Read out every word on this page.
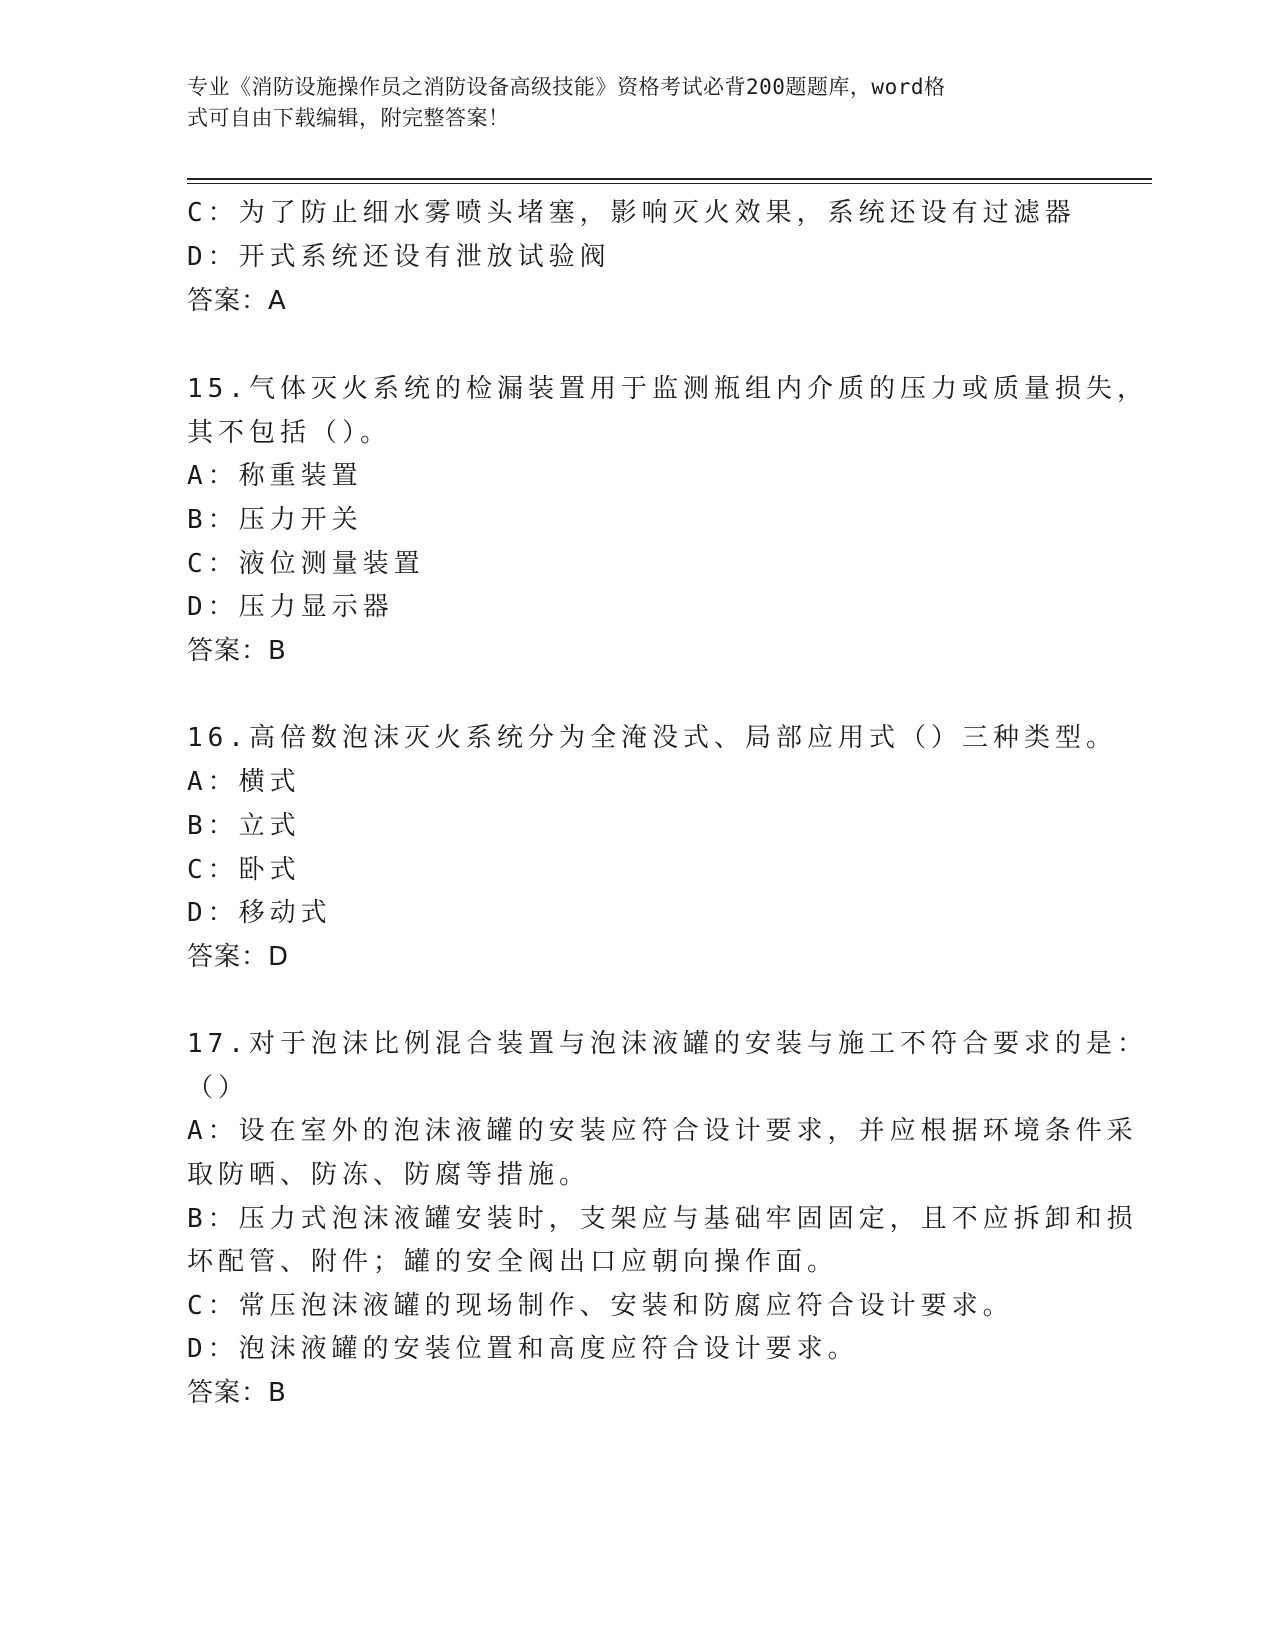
专业《消防设施操作员之消防设备高级技能》资格考试必背200题题库，word格
式可自由下载编辑，附完整答案！
C：为了防止细水雾喷头堵塞，影响灭火效果，系统还设有过滤器
D：开式系统还设有泄放试验阀
答案：A
15.气体灭火系统的检漏装置用于监测瓶组内介质的压力或质量损失，
其不包括（）。
A：称重装置
B：压力开关
C：液位测量装置
D：压力显示器
答案：B
16.高倍数泡沫灭火系统分为全淹没式、局部应用式（）三种类型。
A：横式
B：立式
C：卧式
D：移动式
答案：D
17.对于泡沫比例混合装置与泡沫液罐的安装与施工不符合要求的是：
（）
A：设在室外的泡沫液罐的安装应符合设计要求，并应根据环境条件采
取防晒、防冻、防腐等措施。
B：压力式泡沫液罐安装时，支架应与基础牢固固定，且不应拆卸和损
坏配管、附件；罐的安全阀出口应朝向操作面。
C：常压泡沫液罐的现场制作、安装和防腐应符合设计要求。
D：泡沫液罐的安装位置和高度应符合设计要求。
答案：B
